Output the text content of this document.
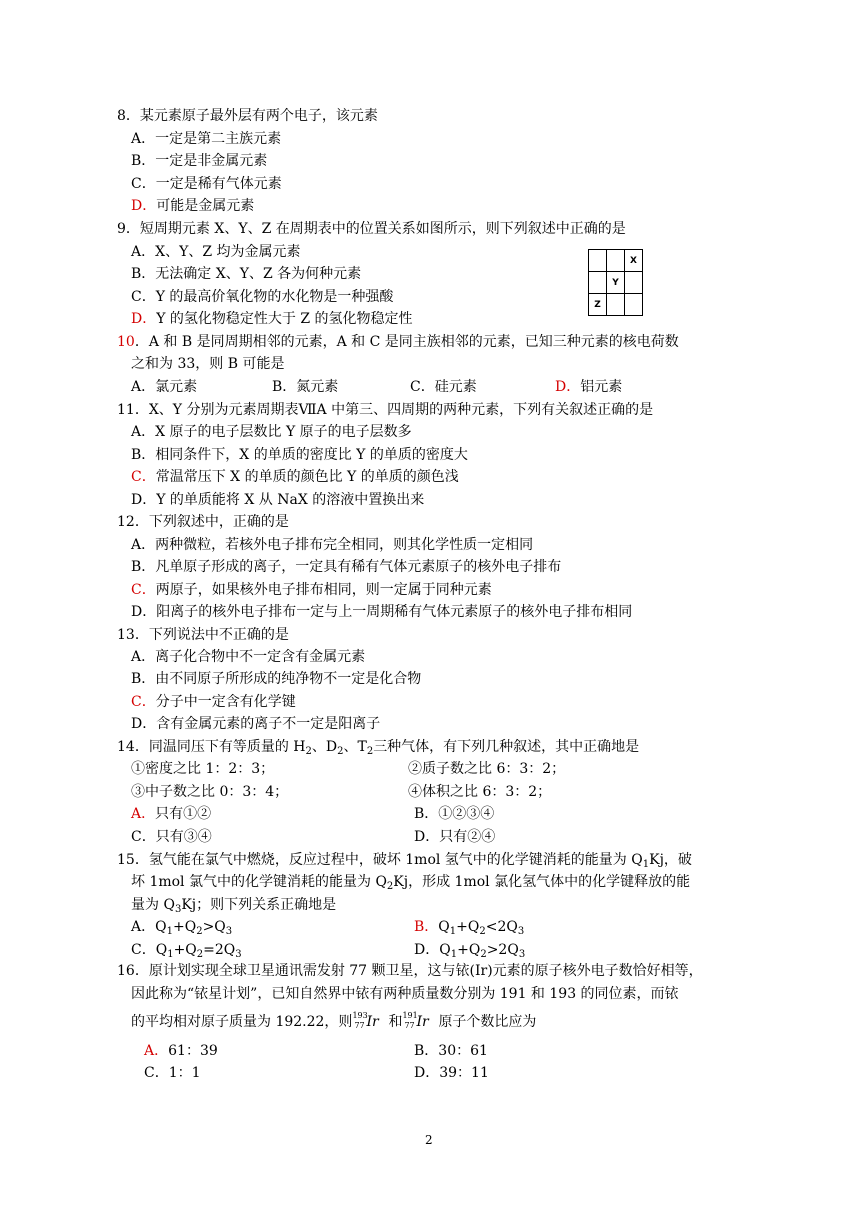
8．某元素原子最外层有两个电子，该元素
A．一定是第二主族元素
B．一定是非金属元素
C．一定是稀有气体元素
D．可能是金属元素
9．短周期元素 X、Y、Z 在周期表中的位置关系如图所示，则下列叙述中正确的是
A．X、Y、Z 均为金属元素
B．无法确定 X、Y、Z 各为何种元素
C．Y 的最高价氧化物的水化物是一种强酸
D．Y 的氢化物稳定性大于 Z 的氢化物稳定性
		X
	Y	
Z		
10．A 和 B 是同周期相邻的元素，A 和 C 是同主族相邻的元素，已知三种元素的核电荷数
之和为 33，则 B 可能是
A．氯元素	B．氮元素	C．硅元素	D．铝元素
11．X、Y 分别为元素周期表ⅦA 中第三、四周期的两种元素，下列有关叙述正确的是
A．X 原子的电子层数比 Y 原子的电子层数多
B．相同条件下，X 的单质的密度比 Y 的单质的密度大
C．常温常压下 X 的单质的颜色比 Y 的单质的颜色浅
D．Y 的单质能将 X 从 NaX 的溶液中置换出来
12．下列叙述中，正确的是
A．两种微粒，若核外电子排布完全相同，则其化学性质一定相同
B．凡单原子形成的离子，一定具有稀有气体元素原子的核外电子排布
C．两原子，如果核外电子排布相同，则一定属于同种元素
D．阳离子的核外电子排布一定与上一周期稀有气体元素原子的核外电子排布相同
13．下列说法中不正确的是
A．离子化合物中不一定含有金属元素
B．由不同原子所形成的纯净物不一定是化合物
C．分子中一定含有化学键
D．含有金属元素的离子不一定是阳离子
14．同温同压下有等质量的 $H_2$、$D_2$、$T_2$三种气体，有下列几种叙述，其中正确地是
①密度之比 1：2：3；	②质子数之比 6：3：2；
③中子数之比 0：3：4；	④体积之比 6：3：2；
A．只有①②	B．①②③④
C．只有③④	D．只有②④
15．氢气能在氯气中燃烧，反应过程中，破坏 1mol 氢气中的化学键消耗的能量为 $Q_1Kj$，破
坏 1mol 氯气中的化学键消耗的能量为 $Q_2Kj$，形成 1mol 氯化氢气体中的化学键释放的能
量为 $Q_3Kj$；则下列关系正确地是
A．$Q_1+Q_2>Q_3$	B．$Q_1+Q_2<2Q_3$
C．$Q_1+Q_2=2Q_3$	D．$Q_1+Q_2>2Q_3$
16．原计划实现全球卫星通讯需发射 77 颗卫星，这与铱(Ir)元素的原子核外电子数恰好相等，
因此称为“铱星计划”，已知自然界中铱有两种质量数分别为 191 和 193 的同位素，而铱
的平均相对原子质量为 192.22，则 193
77 Ir 和 191
77 Ir 原子个数比应为
A．61：39	B．30：61
C．1：1	D．39：11
2
